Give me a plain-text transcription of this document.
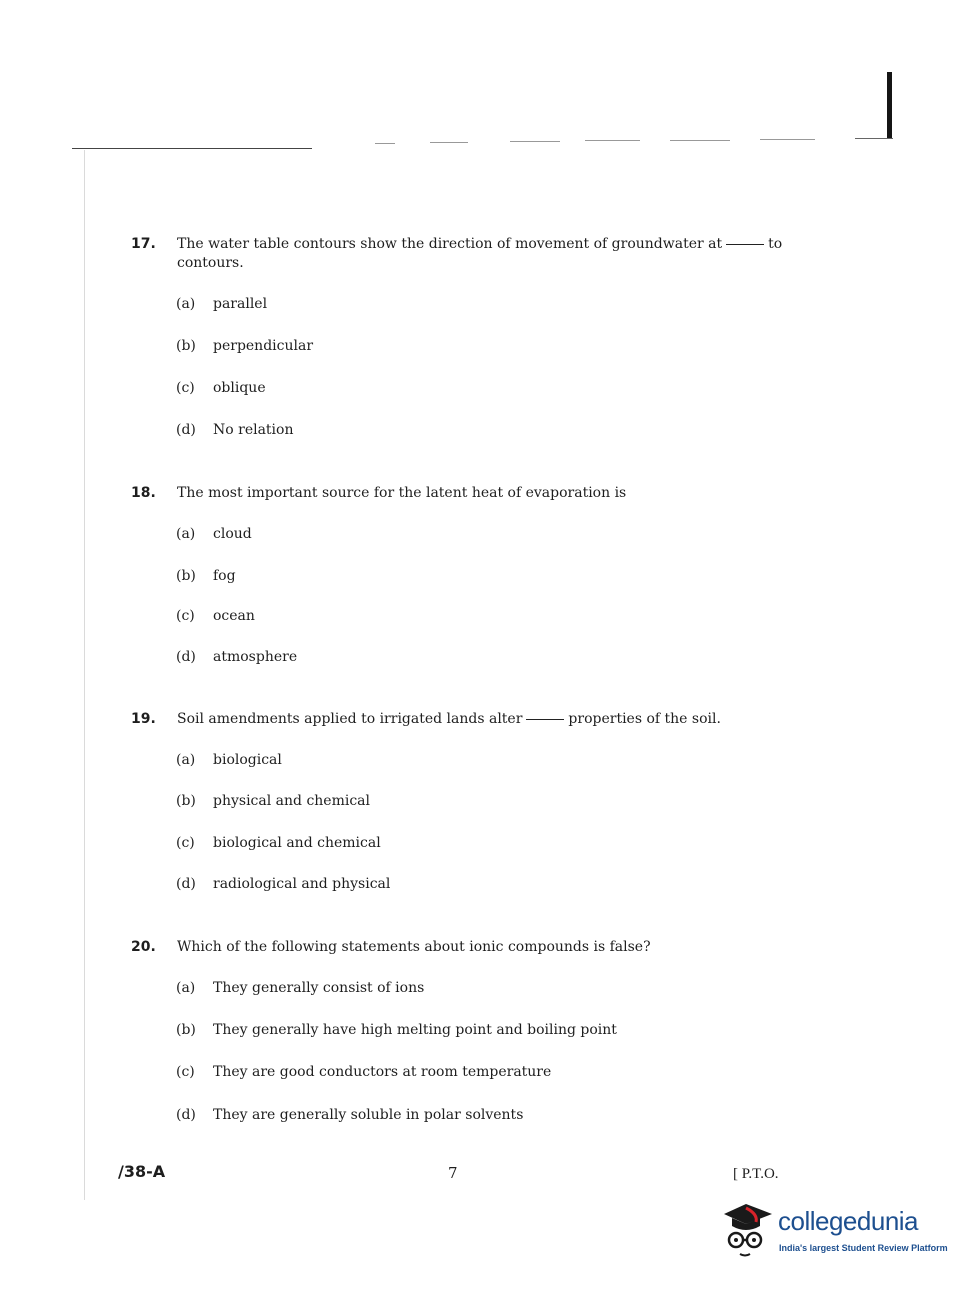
17. The water table contours show the direction of movement of groundwater at	to
contours.
(a) parallel
(b) perpendicular
(c) oblique
(d) No relation
18. The most important source for the latent heat of evaporation is
(a) cloud
(b) fog
(c) ocean
(d) atmosphere
19. Soil amendments applied to irrigated lands alter	properties of the soil.
(a) biological
(b) physical and chemical
(c) biological and chemical
(d) radiological and physical
20. Which of the following statements about ionic compounds is false?
(a) They generally consist of ions
(b) They generally have high melting point and boiling point
(c) They are good conductors at room temperature
(d) They are generally soluble in polar solvents
/38-A	7	[ P.T.O.
collegedunia
India's largest Student Review Platform
